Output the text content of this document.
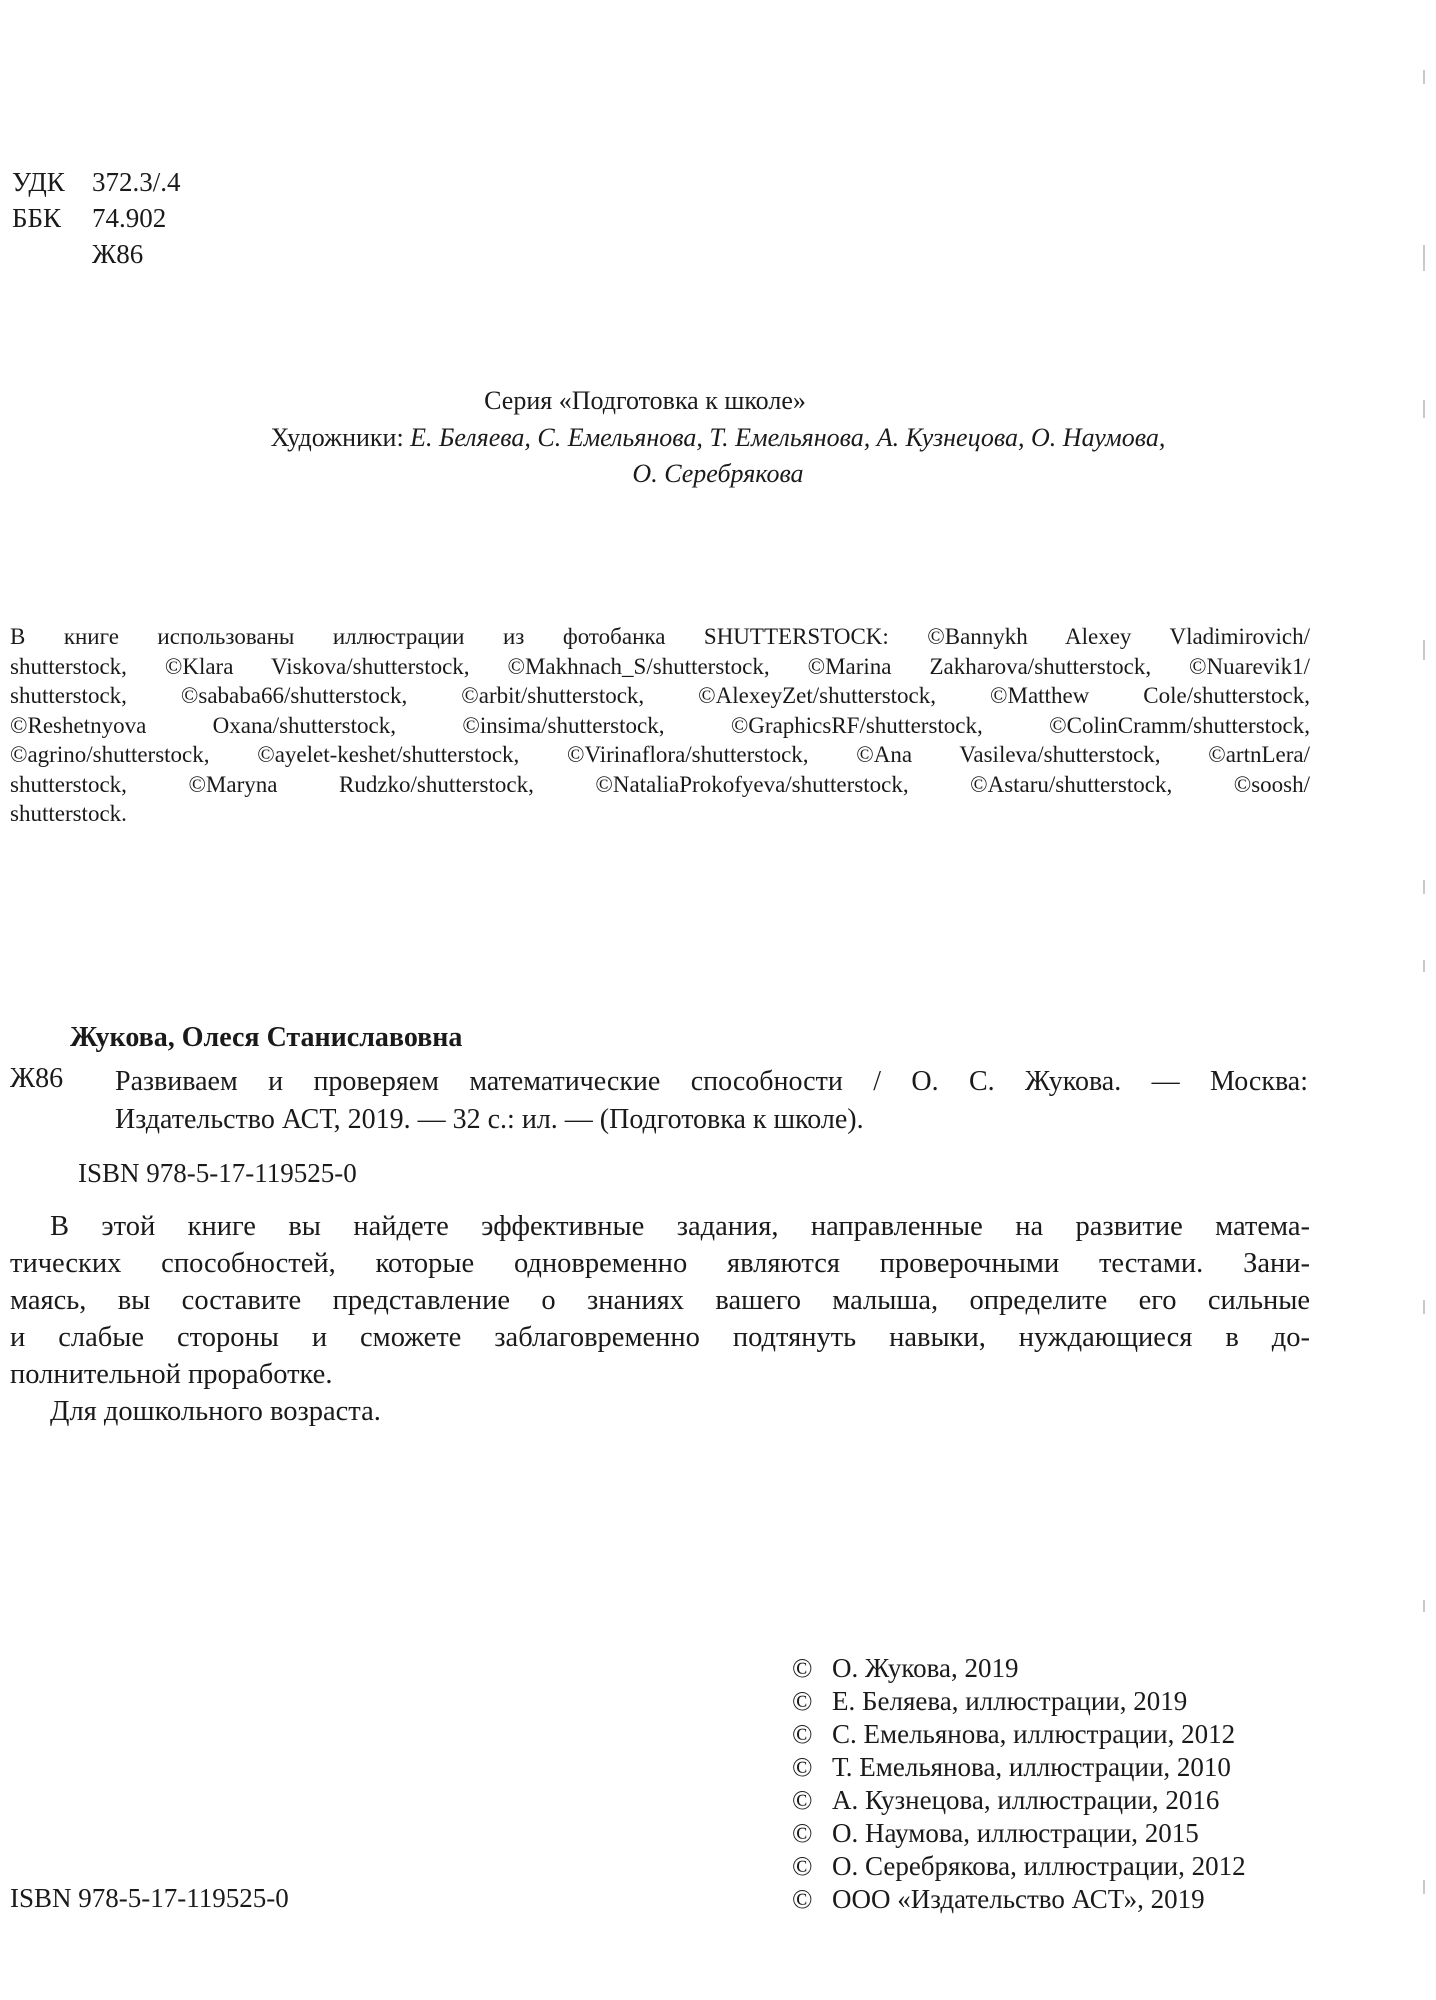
УДК 372.3/.4
ББК 74.902
Ж86
Серия «Подготовка к школе»
Художники: Е. Беляева, С. Емельянова, Т. Емельянова, А. Кузнецова, О. Наумова,
О. Серебрякова
В книге использованы иллюстрации из фотобанка SHUTTERSTOCK: ©Bannykh Alexey Vladimirovich/
shutterstock, ©Klara Viskova/shutterstock, ©Makhnach_S/shutterstock, ©Marina Zakharova/shutterstock, ©Nuarevik1/
shutterstock, ©sababa66/shutterstock, ©arbit/shutterstock, ©AlexeyZet/shutterstock, ©Matthew Cole/shutterstock,
©Reshetnyova Oxana/shutterstock, ©insima/shutterstock, ©GraphicsRF/shutterstock, ©ColinCramm/shutterstock,
©agrino/shutterstock, ©ayelet-keshet/shutterstock, ©Virinaflora/shutterstock, ©Ana Vasileva/shutterstock, ©artnLera/
shutterstock, ©Maryna Rudzko/shutterstock, ©NataliaProkofyeva/shutterstock, ©Astaru/shutterstock, ©soosh/
shutterstock.
Жукова, Олеся Станиславовна
Ж86 Развиваем и проверяем математические способности / О. С. Жукова. — Москва:
Издательство АСТ, 2019. — 32 с.: ил. — (Подготовка к школе).
ISBN 978-5-17-119525-0
В этой книге вы найдете эффективные задания, направленные на развитие матема-
тических способностей, которые одновременно являются проверочными тестами. Зани-
маясь, вы составите представление о знаниях вашего малыша, определите его сильные
и слабые стороны и сможете заблаговременно подтянуть навыки, нуждающиеся в до-
полнительной проработке.
Для дошкольного возраста.
© О. Жукова, 2019
© Е. Беляева, иллюстрации, 2019
© С. Емельянова, иллюстрации, 2012
© Т. Емельянова, иллюстрации, 2010
© А. Кузнецова, иллюстрации, 2016
© О. Наумова, иллюстрации, 2015
© О. Серебрякова, иллюстрации, 2012
© ООО «Издательство АСТ», 2019
ISBN 978-5-17-119525-0
